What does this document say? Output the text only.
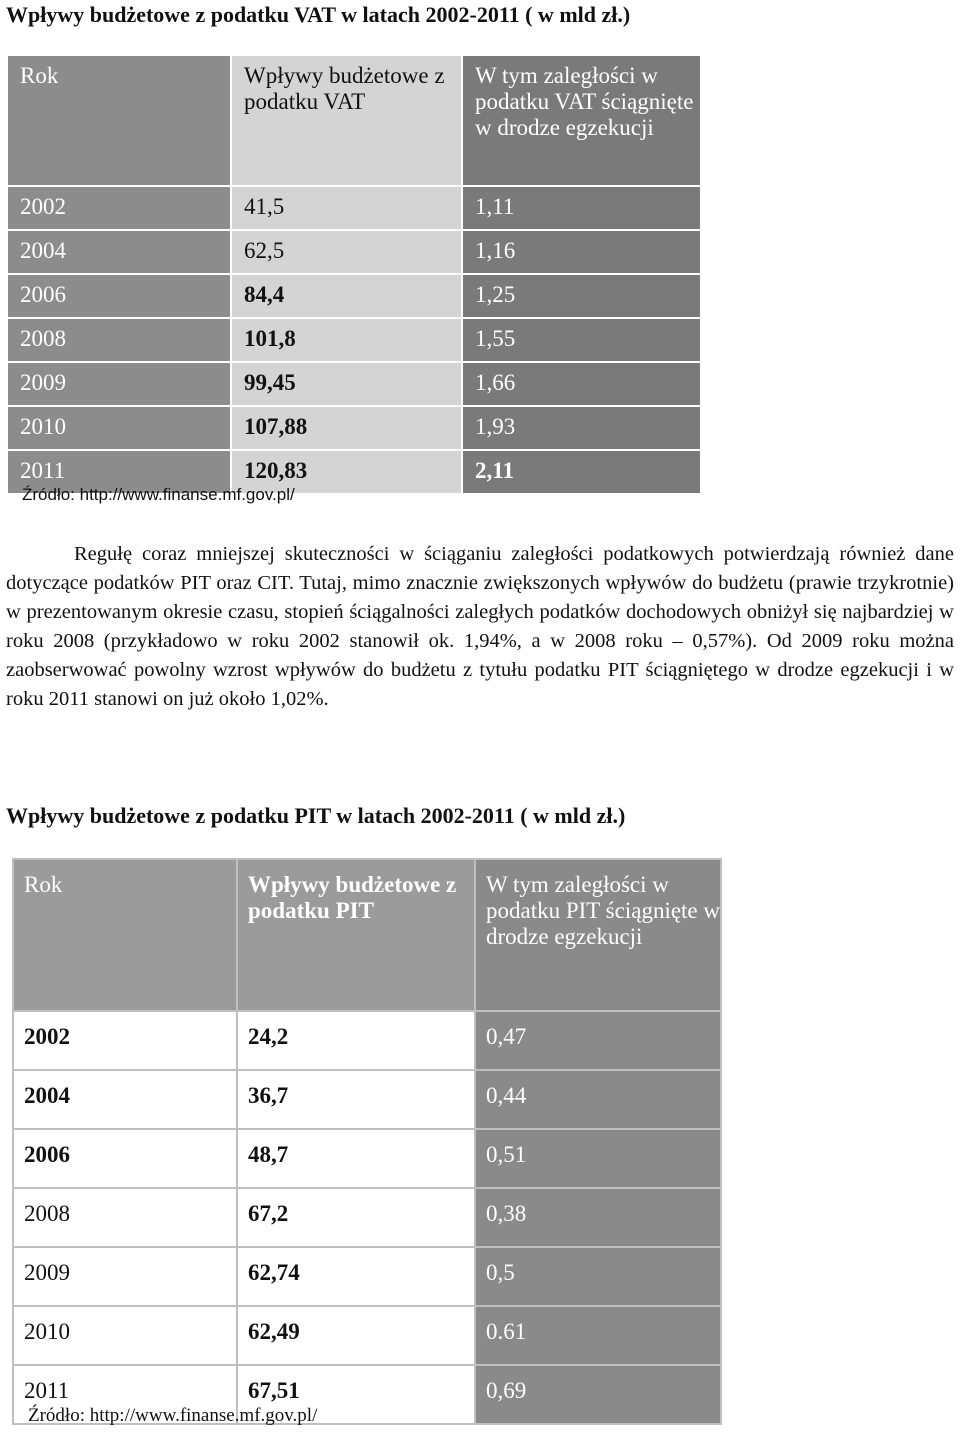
Wpływy budżetowe z podatku VAT w latach 2002-2011 ( w mld zł.)
Rok	Wpływy budżetowe z podatku VAT	W tym zaległości w podatku VAT ściągnięte w drodze egzekucji
2002	41,5	1,11
2004	62,5	1,16
2006	84,4	1,25
2008	101,8	1,55
2009	99,45	1,66
2010	107,88	1,93
2011	120,83	2,11
Źródło: http://www.finanse.mf.gov.pl/
Regułę coraz mniejszej skuteczności w ściąganiu zaległości podatkowych potwierdzają również dane dotyczące podatków PIT oraz CIT. Tutaj, mimo znacznie zwiększonych wpływów do budżetu (prawie trzykrotnie) w prezentowanym okresie czasu, stopień ściągalności zaległych podatków dochodowych obniżył się najbardziej w roku 2008 (przykładowo w roku 2002 stanowił ok. 1,94%, a w 2008 roku – 0,57%). Od 2009 roku można zaobserwować powolny wzrost wpływów do budżetu z tytułu podatku PIT ściągniętego w drodze egzekucji i w roku 2011 stanowi on już około 1,02%.
Wpływy budżetowe z podatku PIT w latach 2002-2011 ( w mld zł.)
Rok	Wpływy budżetowe z podatku PIT	W tym zaległości w podatku PIT ściągnięte w drodze egzekucji
2002	24,2	0,47
2004	36,7	0,44
2006	48,7	0,51
2008	67,2	0,38
2009	62,74	0,5
2010	62,49	0.61
2011	67,51	0,69
Źródło: http://www.finanse.mf.gov.pl/
